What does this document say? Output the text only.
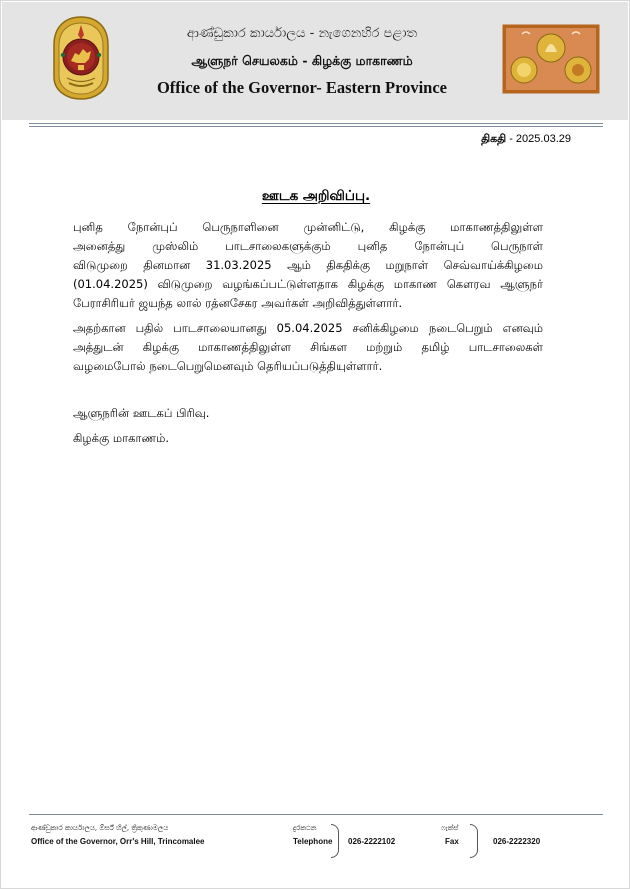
ආණ්ඩුකාර කාර්යාලය - නැගෙනහිර පළාත
ஆளுநர் செயலகம் - கிழக்கு மாகாணம்
Office of the Governor- Eastern Province
திகதி - 2025.03.29
ஊடக அறிவிப்பு.
புனித நோன்புப் பெருநாளினை முன்னிட்டு, கிழக்கு மாகாணத்திலுள்ள
அனைத்து முஸ்லிம் பாடசாலைகளுக்கும் புனித நோன்புப் பெருநாள்
விடுமுறை தினமான 31.03.2025 ஆம் திகதிக்கு மறுநாள் செவ்வாய்க்கிழமை
(01.04.2025) விடுமுறை வழங்கப்பட்டுள்ளதாக கிழக்கு மாகாண கௌரவ ஆளுநர்
பேராசிரியர் ஜயந்த லால் ரத்னசேகர அவர்கள் அறிவித்துள்ளார்.
அதற்கான பதில் பாடசாலையானது 05.04.2025 சனிக்கிழமை நடைபெறும் எனவும்
அத்துடன் கிழக்கு மாகாணத்திலுள்ள சிங்கள மற்றும் தமிழ் பாடசாலைகள்
வழமைபோல் நடைபெறுமெனவும் தெரியப்படுத்தியுள்ளார்.
ஆளுநரின் ஊடகப் பிரிவு.
கிழக்கு மாகாணம்.
ආණ්ඩුකාර කාර්යාලය, ඕර්ස් හිල්, ත්‍රිකුණාමලය
Office of the Governor, Orr's Hill, Trincomalee
දුරකථන
Telephone 026-2222102
ෆැක්ස්
Fax	026-2222320
